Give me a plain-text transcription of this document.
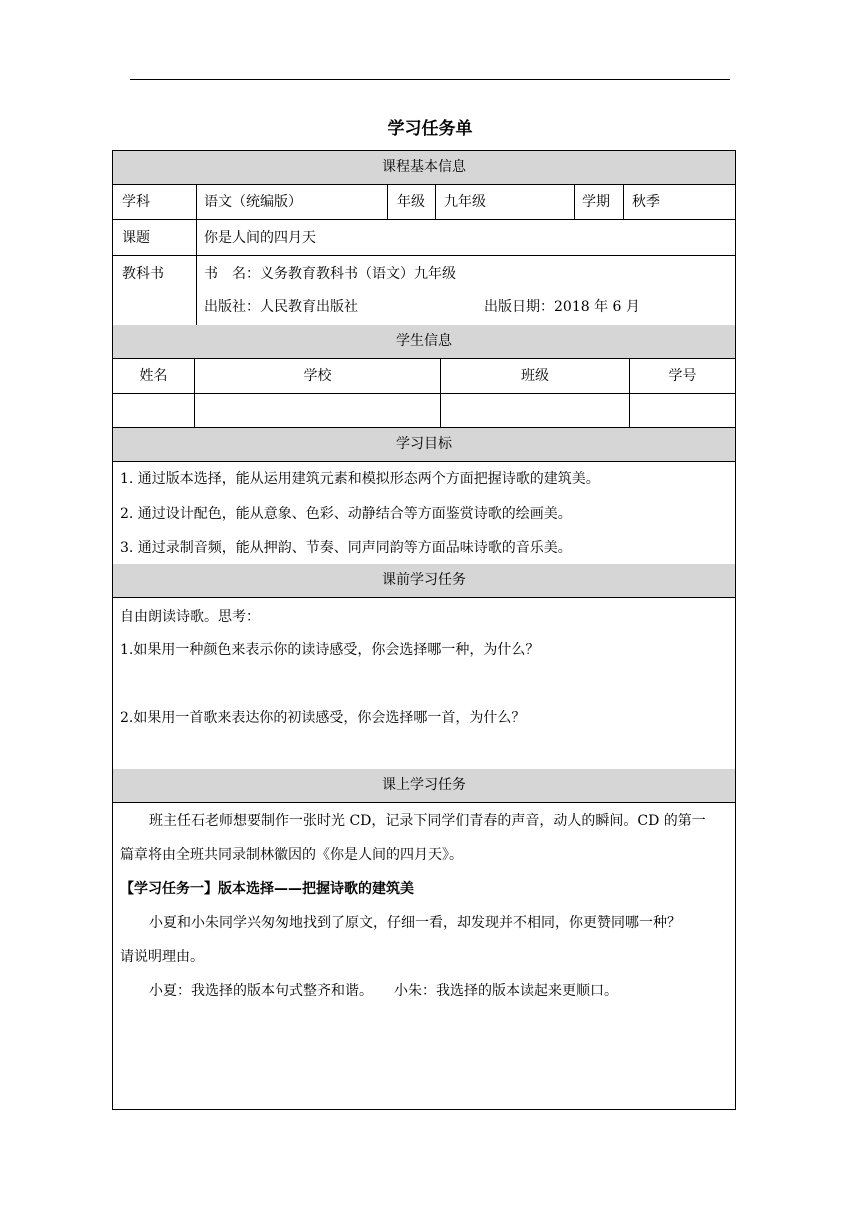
学习任务单
课程基本信息
学科	语文（统编版）	年级 九年级	学期 秋季
课题	你是人间的四月天
教科书	书　名：义务教育教科书（语文）九年级
出版社：人民教育出版社	出版日期：2018 年 6 月
学生信息
姓名	学校	班级	学号
学习目标
1. 通过版本选择，能从运用建筑元素和模拟形态两个方面把握诗歌的建筑美。
2. 通过设计配色，能从意象、色彩、动静结合等方面鉴赏诗歌的绘画美。
3. 通过录制音频，能从押韵、节奏、同声同韵等方面品味诗歌的音乐美。
课前学习任务
自由朗读诗歌。思考：
1.如果用一种颜色来表示你的读诗感受，你会选择哪一种，为什么？
2.如果用一首歌来表达你的初读感受，你会选择哪一首，为什么？
课上学习任务
班主任石老师想要制作一张时光 CD，记录下同学们青春的声音，动人的瞬间。CD 的第一
篇章将由全班共同录制林徽因的《你是人间的四月天》。
【学习任务一】版本选择——把握诗歌的建筑美
小夏和小朱同学兴匆匆地找到了原文，仔细一看，却发现并不相同，你更赞同哪一种？
请说明理由。
小夏：我选择的版本句式整齐和谐。　　小朱：我选择的版本读起来更顺口。
